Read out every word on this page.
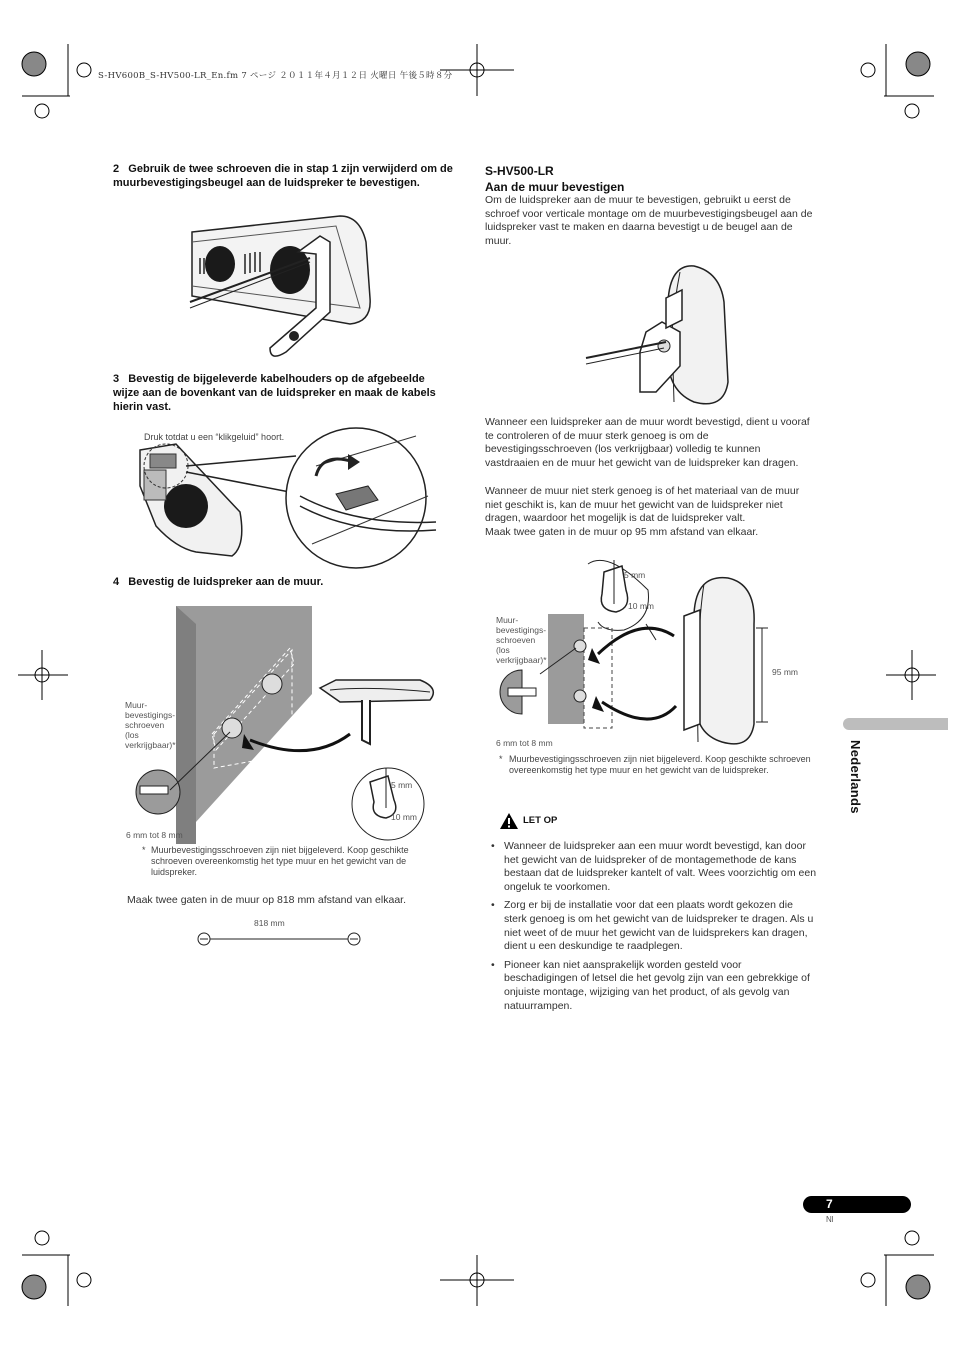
S-HV600B_S-HV500-LR_En.fm 7 ページ ２０１１年４月１２日 火曜日 午後５時８分
2 Gebruik de twee schroeven die in stap 1 zijn verwijderd om de muurbevestigingsbeugel aan de luidspreker te bevestigen.
3 Bevestig de bijgeleverde kabelhouders op de afgebeelde wijze aan de bovenkant van de luidspreker en maak de kabels hierin vast.
Druk totdat u een “klikgeluid” hoort.
4 Bevestig de luidspreker aan de muur.
Muur-
bevestigings-
schroeven
(los
verkrijgbaar)*
5 mm
10 mm
6 mm tot 8 mm
* Muurbevestigingsschroeven zijn niet bijgeleverd. Koop geschikte schroeven overeenkomstig het type muur en het gewicht van de luidspreker.
Maak twee gaten in de muur op 818 mm afstand van elkaar.
818 mm
S-HV500-LR
Aan de muur bevestigen
Om de luidspreker aan de muur te bevestigen, gebruikt u eerst de schroef voor verticale montage om de muurbevestigingsbeugel aan de luidspreker vast te maken en daarna bevestigt u de beugel aan de muur.
Wanneer een luidspreker aan de muur wordt bevestigd, dient u vooraf te controleren of de muur sterk genoeg is om de bevestigingsschroeven (los verkrijgbaar) volledig te kunnen vastdraaien en de muur het gewicht van de luidspreker kan dragen.
Wanneer de muur niet sterk genoeg is of het materiaal van de muur niet geschikt is, kan de muur het gewicht van de luidspreker niet dragen, waardoor het mogelijk is dat de luidspreker valt.
Maak twee gaten in de muur op 95 mm afstand van elkaar.
5 mm
10 mm
Muur-
bevestigings-
schroeven
(los
verkrijgbaar)*
95 mm
6 mm tot 8 mm
* Muurbevestigingsschroeven zijn niet bijgeleverd. Koop geschikte schroeven overeenkomstig het type muur en het gewicht van de luidspreker.
LET OP
• Wanneer de luidspreker aan een muur wordt bevestigd, kan door het gewicht van de luidspreker of de montagemethode de kans bestaan dat de luidspreker kantelt of valt. Wees voorzichtig om een ongeluk te voorkomen.
• Zorg er bij de installatie voor dat een plaats wordt gekozen die sterk genoeg is om het gewicht van de luidspreker te dragen. Als u niet weet of de muur het gewicht van de luidsprekers kan dragen, dient u een deskundige te raadplegen.
• Pioneer kan niet aansprakelijk worden gesteld voor beschadigingen of letsel die het gevolg zijn van een gebrekkige of onjuiste montage, wijziging van het product, of als gevolg van natuurrampen.
Nederlands
7
Nl
